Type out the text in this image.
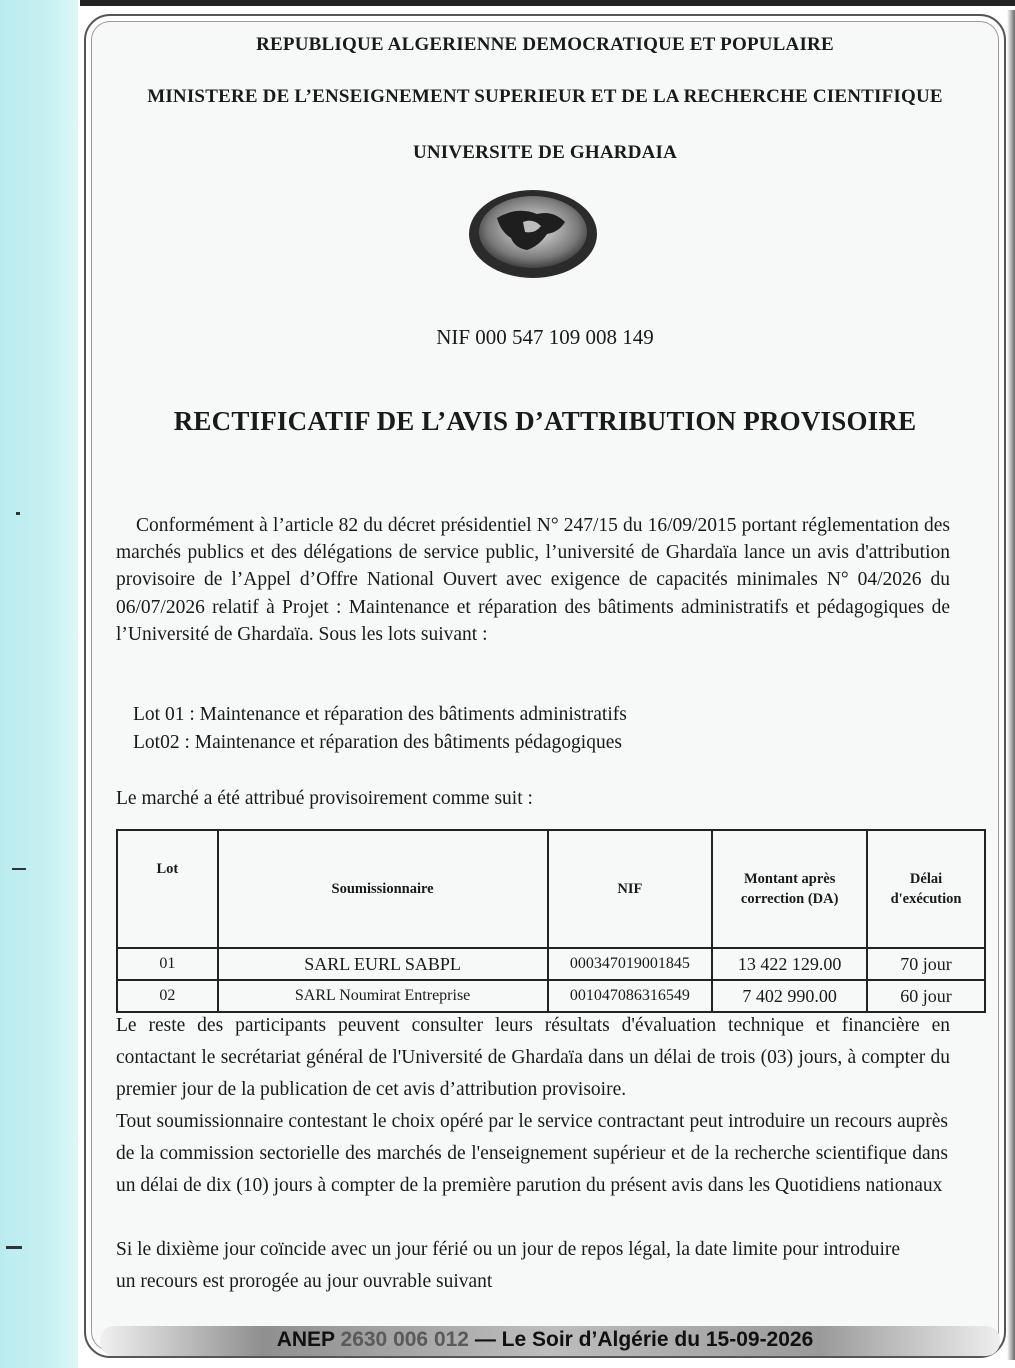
REPUBLIQUE ALGERIENNE DEMOCRATIQUE ET POPULAIRE
MINISTERE DE L’ENSEIGNEMENT SUPERIEUR ET DE LA RECHERCHE CIENTIFIQUE
UNIVERSITE DE GHARDAIA
NIF 000 547 109 008 149
RECTIFICATIF DE L’AVIS D’ATTRIBUTION PROVISOIRE
Conformément à l’article 82 du décret présidentiel N° 247/15 du 16/09/2015 portant réglementation des marchés publics et des délégations de service public, l’université de Ghardaïa lance un avis d'attribution provisoire de l’Appel d’Offre National Ouvert avec exigence de capacités minimales N° 04/2026 du 06/07/2026 relatif à Projet : Maintenance et réparation des bâtiments administratifs et pédagogiques de l’Université de Ghardaïa. Sous les lots suivant :
Lot 01 : Maintenance et réparation des bâtiments administratifs
Lot02 : Maintenance et réparation des bâtiments pédagogiques
Le marché a été attribué provisoirement comme suit :
Lot	Soumissionnaire	NIF	Montant après correction (DA)	Délai d'exécution
01	SARL EURL SABPL	000347019001845	13 422 129.00	70 jour
02	SARL Noumirat Entreprise	001047086316549	7 402 990.00	60 jour
Le reste des participants peuvent consulter leurs résultats d'évaluation technique et financière en contactant le secrétariat général de l'Université de Ghardaïa dans un délai de trois (03) jours, à compter du premier jour de la publication de cet avis d’attribution provisoire.
Tout soumissionnaire contestant le choix opéré par le service contractant peut introduire un recours auprès de la commission sectorielle des marchés de l'enseignement supérieur et de la recherche scientifique dans un délai de dix (10) jours à compter de la première parution du présent avis dans les Quotidiens nationaux
Si le dixième jour coïncide avec un jour férié ou un jour de repos légal, la date limite pour introduire un recours est prorogée au jour ouvrable suivant
ANEP 2630 006 012 — Le Soir d’Algérie du 15-09-2026
